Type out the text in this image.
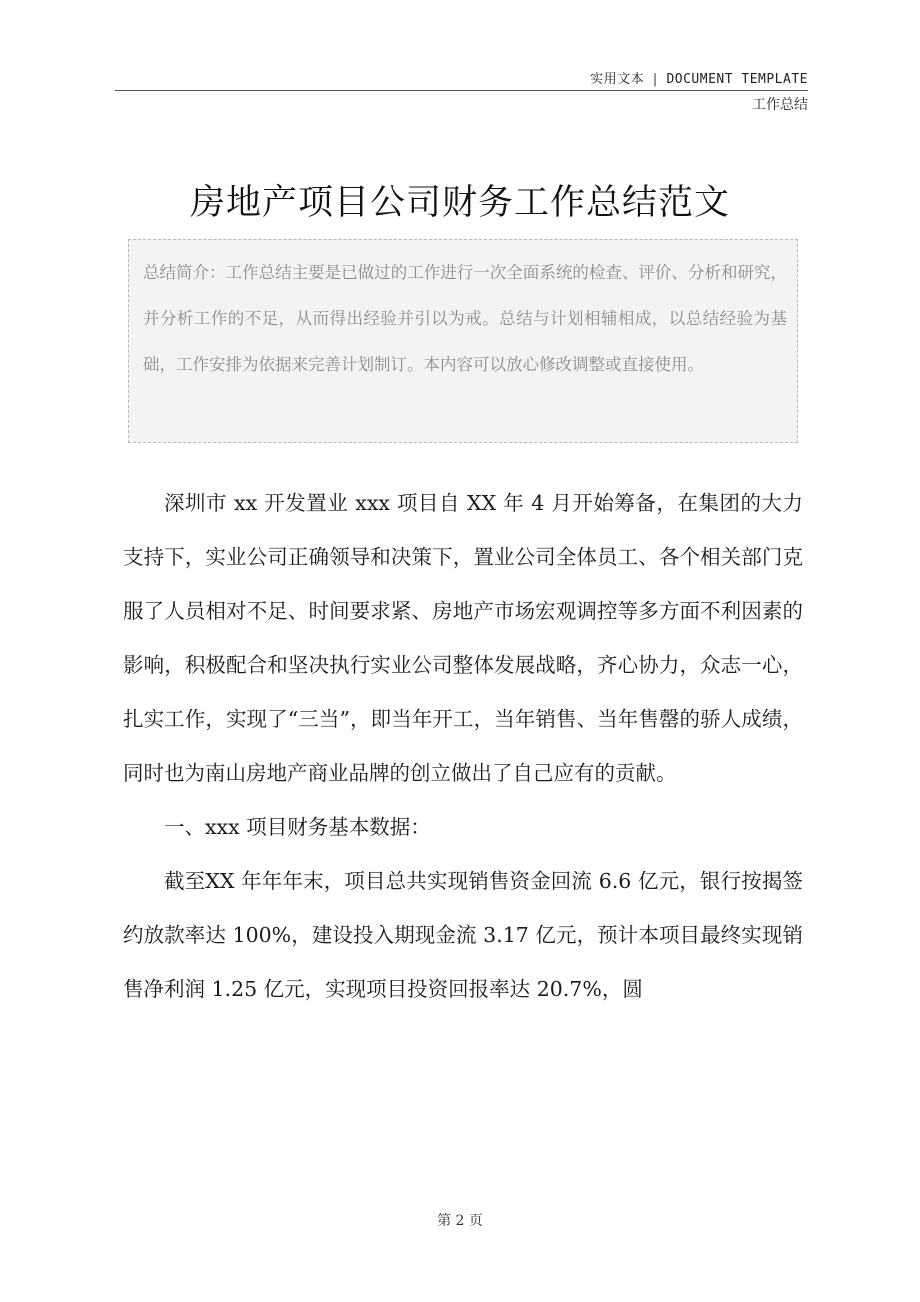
实用文本 | DOCUMENT TEMPLATE
工作总结
房地产项目公司财务工作总结范文

总结简介：工作总结主要是已做过的工作进行一次全面系统的检查、评价、分析和研究，并分析工作的不足，从而得出经验并引以为戒。总结与计划相辅相成，以总结经验为基础，工作安排为依据来完善计划制订。本内容可以放心修改调整或直接使用。

深圳市 xx 开发置业 xxx 项目自 XX 年 4 月开始筹备，在集团的大力支持下，实业公司正确领导和决策下，置业公司全体员工、各个相关部门克服了人员相对不足、时间要求紧、房地产市场宏观调控等多方面不利因素的影响，积极配合和坚决执行实业公司整体发展战略，齐心协力，众志一心，扎实工作，实现了“三当”，即当年开工，当年销售、当年售罄的骄人成绩，同时也为南山房地产商业品牌的创立做出了自己应有的贡献。

一、xxx 项目财务基本数据：

截至XX 年年年末，项目总共实现销售资金回流 6.6 亿元，银行按揭签约放款率达 100%，建设投入期现金流 3.17 亿元，预计本项目最终实现销售净利润 1.25 亿元，实现项目投资回报率达 20.7%，圆

第 2 页
